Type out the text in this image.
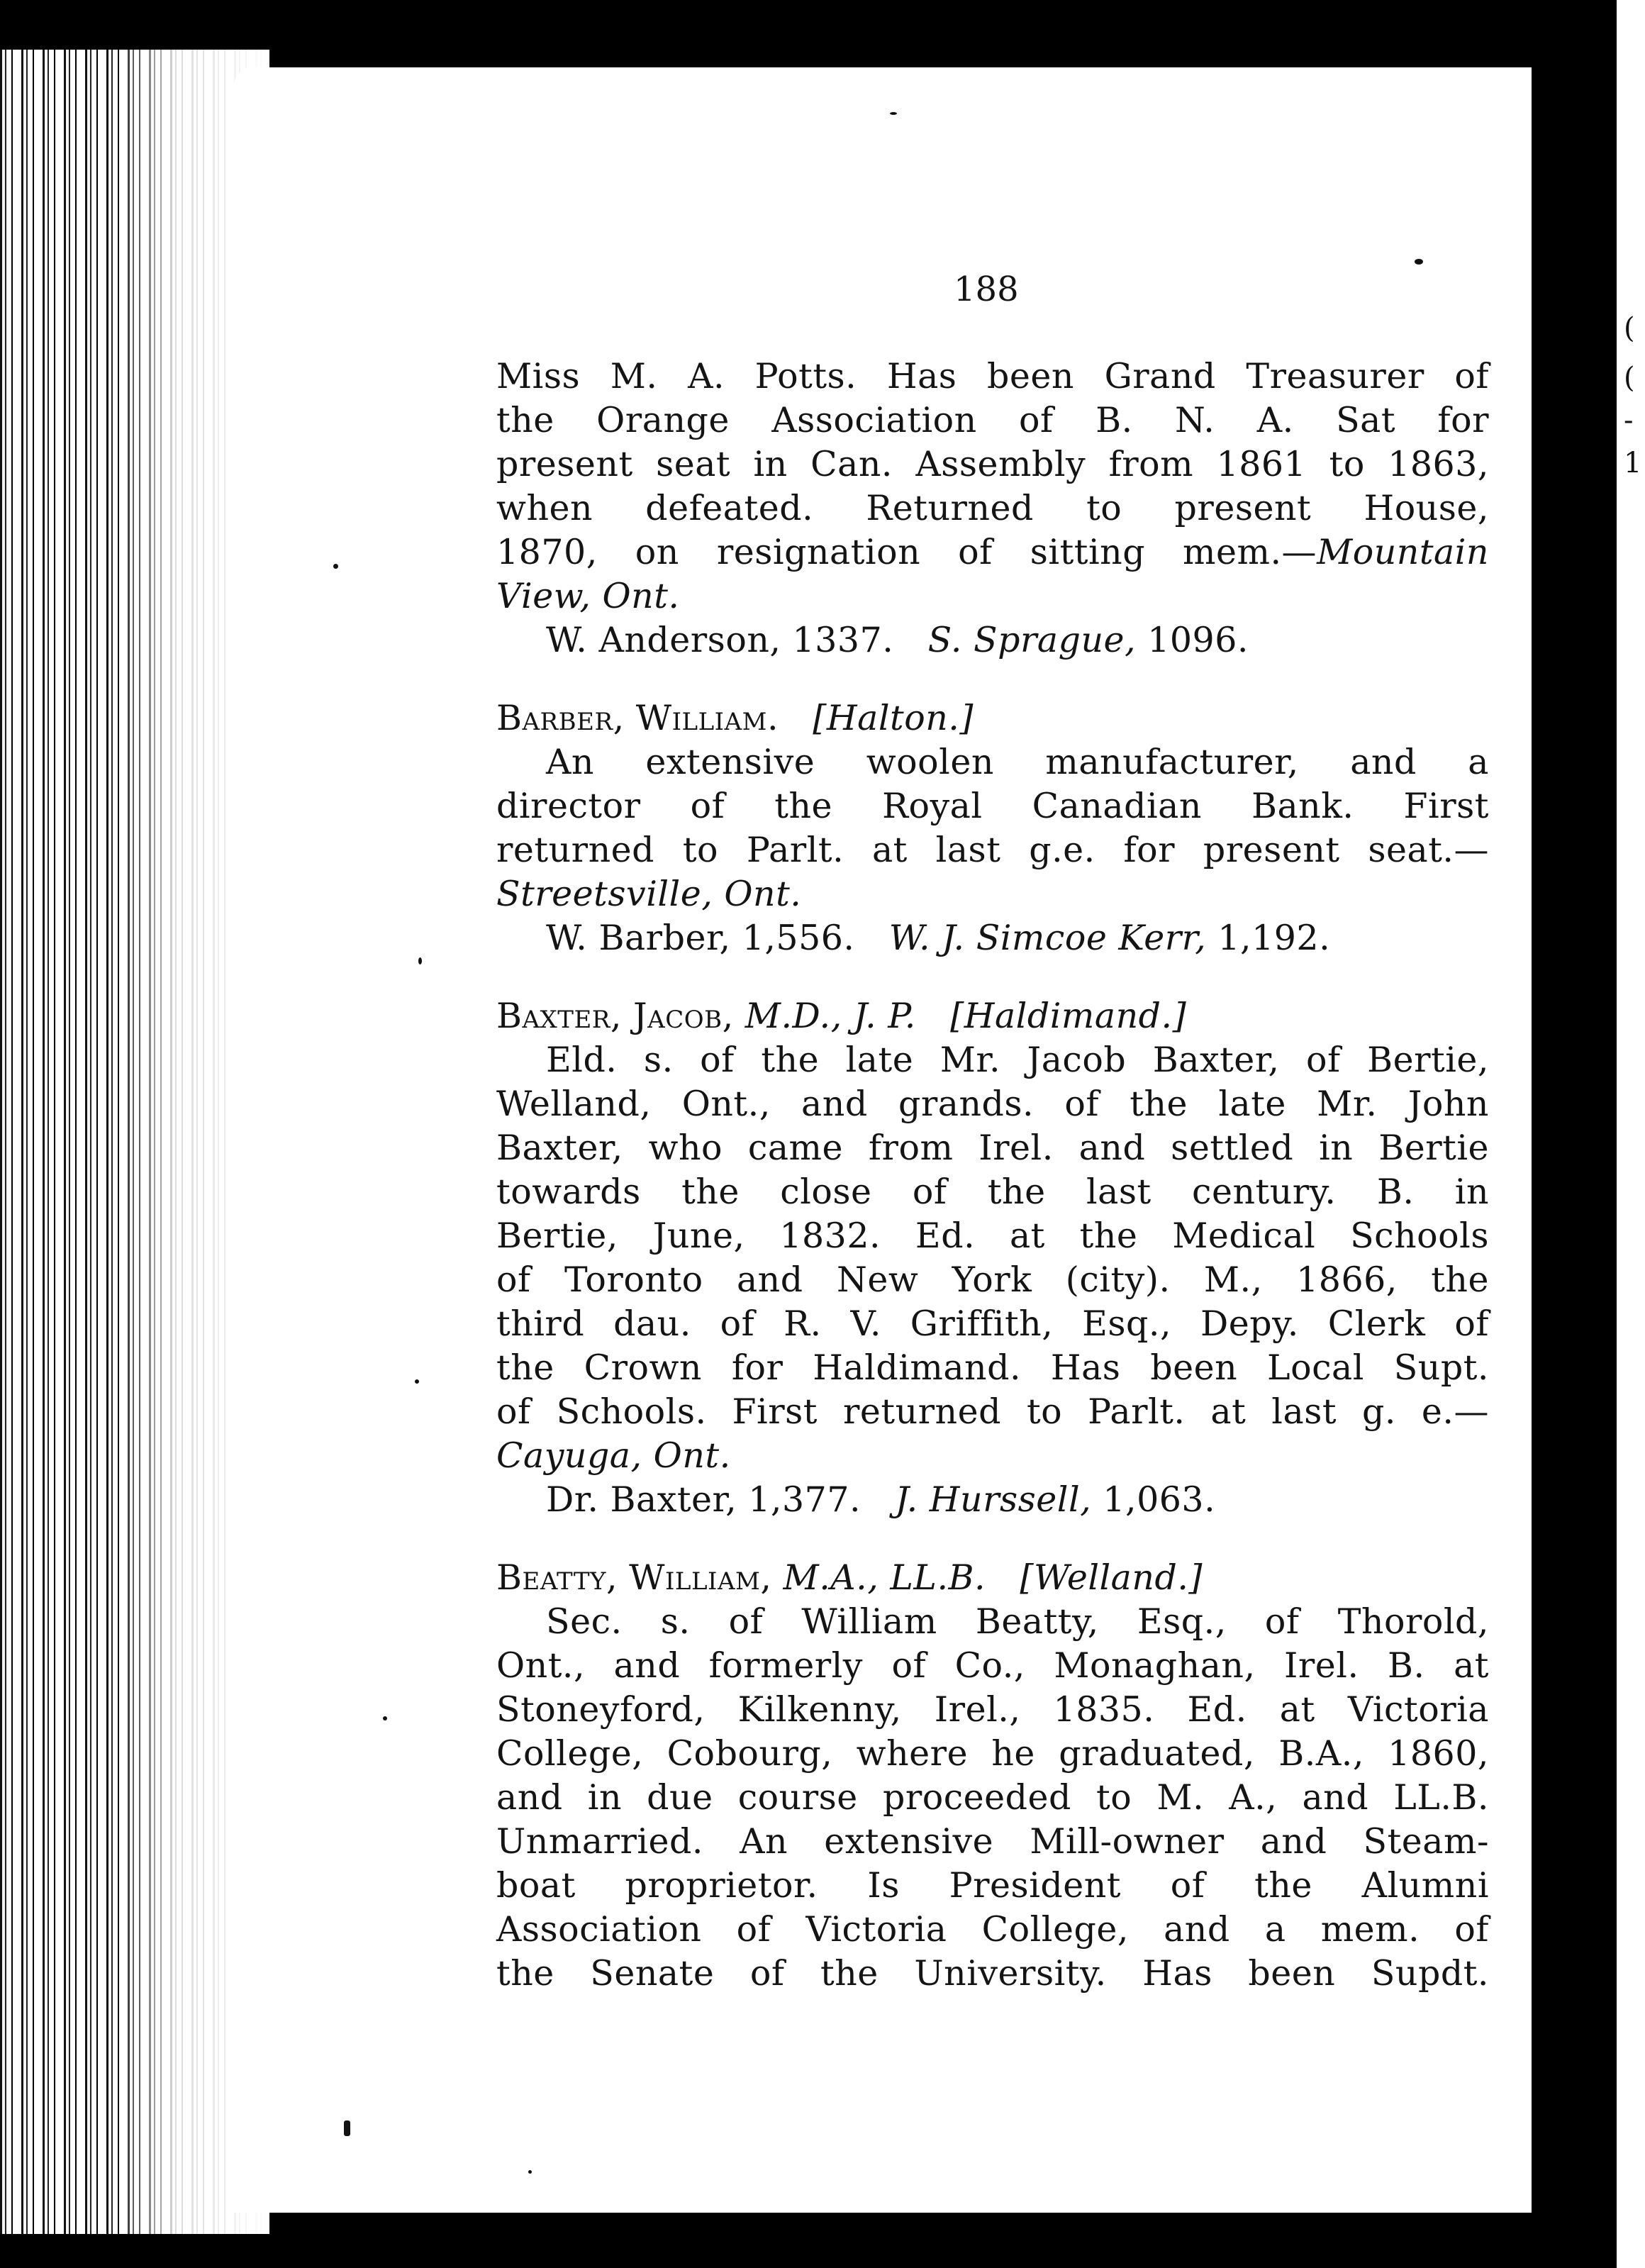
(
(
-
1
188
Miss M. A. Potts. Has been Grand Treasurer of
the Orange Association of B. N. A. Sat for
present seat in Can. Assembly from 1861 to 1863,
when defeated. Returned to present House,
1870, on resignation of sitting mem.—Mountain
View, Ont.
W. Anderson, 1337. S. Sprague, 1096.
Barber, William. [Halton.]
An extensive woolen manufacturer, and a
director of the Royal Canadian Bank. First
returned to Parlt. at last g.e. for present seat.—
Streetsville, Ont.
W. Barber, 1,556. W. J. Simcoe Kerr, 1,192.
Baxter, Jacob, M.D., J. P. [Haldimand.]
Eld. s. of the late Mr. Jacob Baxter, of Bertie,
Welland, Ont., and grands. of the late Mr. John
Baxter, who came from Irel. and settled in Bertie
towards the close of the last century. B. in
Bertie, June, 1832. Ed. at the Medical Schools
of Toronto and New York (city). M., 1866, the
third dau. of R. V. Griffith, Esq., Depy. Clerk of
the Crown for Haldimand. Has been Local Supt.
of Schools. First returned to Parlt. at last g. e.—
Cayuga, Ont.
Dr. Baxter, 1,377. J. Hurssell, 1,063.
Beatty, William, M.A., LL.B. [Welland.]
Sec. s. of William Beatty, Esq., of Thorold,
Ont., and formerly of Co., Monaghan, Irel. B. at
Stoneyford, Kilkenny, Irel., 1835. Ed. at Victoria
College, Cobourg, where he graduated, B.A., 1860,
and in due course proceeded to M. A., and LL.B.
Unmarried. An extensive Mill-owner and Steam-
boat proprietor. Is President of the Alumni
Association of Victoria College, and a mem. of
the Senate of the University. Has been Supdt.
